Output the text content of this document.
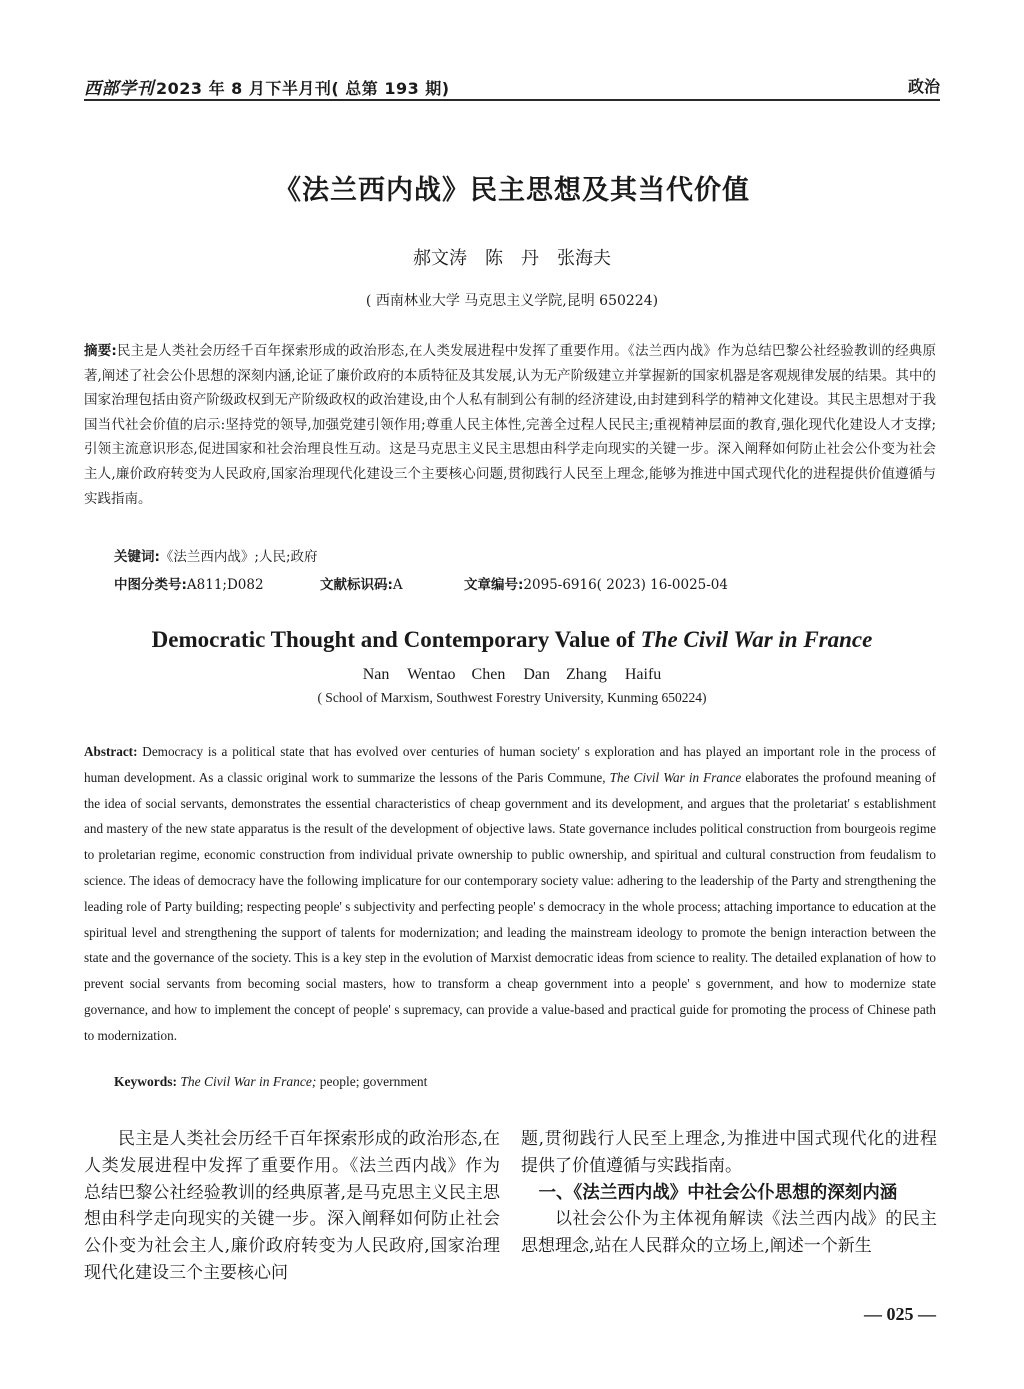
西部学刊 2023 年 8 月下半月刊( 总第 193 期)	政治
《法兰西内战》民主思想及其当代价值
郝文涛　陈　丹　张海夫
( 西南林业大学 马克思主义学院,昆明 650224)
摘要:民主是人类社会历经千百年探索形成的政治形态,在人类发展进程中发挥了重要作用。《法兰西内战》作为总结巴黎公社经验教训的经典原著,阐述了社会公仆思想的深刻内涵,论证了廉价政府的本质特征及其发展,认为无产阶级建立并掌握新的国家机器是客观规律发展的结果。其中的国家治理包括由资产阶级政权到无产阶级政权的政治建设,由个人私有制到公有制的经济建设,由封建到科学的精神文化建设。其民主思想对于我国当代社会价值的启示:坚持党的领导,加强党建引领作用;尊重人民主体性,完善全过程人民民主;重视精神层面的教育,强化现代化建设人才支撑;引领主流意识形态,促进国家和社会治理良性互动。这是马克思主义民主思想由科学走向现实的关键一步。深入阐释如何防止社会公仆变为社会主人,廉价政府转变为人民政府,国家治理现代化建设三个主要核心问题,贯彻践行人民至上理念,能够为推进中国式现代化的进程提供价值遵循与实践指南。
关键词:《法兰西内战》;人民;政府
中图分类号:A811;D082	文献标识码:A	文章编号:2095-6916( 2023) 16-0025-04
Democratic Thought and Contemporary Value of The Civil War in France
Nan Wentao　Chen Dan　Zhang Haifu
( School of Marxism, Southwest Forestry University, Kunming 650224)
Abstract: Democracy is a political state that has evolved over centuries of human society' s exploration and has played an important role in the process of human development. As a classic original work to summarize the lessons of the Paris Commune, The Civil War in France elaborates the profound meaning of the idea of social servants, demonstrates the essential characteristics of cheap government and its development, and argues that the proletariat' s establishment and mastery of the new state apparatus is the result of the development of objective laws. State governance includes political construction from bourgeois regime to proletarian regime, economic construction from individual private ownership to public ownership, and spiritual and cultural construction from feudalism to science. The ideas of democracy have the following implicature for our contemporary society value: adhering to the leadership of the Party and strengthening the leading role of Party building; respecting people' s subjectivity and perfecting people' s democracy in the whole process; attaching importance to education at the spiritual level and strengthening the support of talents for modernization; and leading the mainstream ideology to promote the benign interaction between the state and the governance of the society. This is a key step in the evolution of Marxist democratic ideas from science to reality. The detailed explanation of how to prevent social servants from becoming social masters, how to transform a cheap government into a people' s government, and how to modernize state governance, and how to implement the concept of people' s supremacy, can provide a value-based and practical guide for promoting the process of Chinese path to modernization.
Keywords: The Civil War in France; people; government

民主是人类社会历经千百年探索形成的政治形态,在人类发展进程中发挥了重要作用。《法兰西内战》作为总结巴黎公社经验教训的经典原著,是马克思主义民主思想由科学走向现实的关键一步。深入阐释如何防止社会公仆变为社会主人,廉价政府转变为人民政府,国家治理现代化建设三个主要核心问

题,贯彻践行人民至上理念,为推进中国式现代化的进程提供了价值遵循与实践指南。

一、《法兰西内战》中社会公仆思想的深刻内涵

以社会公仆为主体视角解读《法兰西内战》的民主思想理念,站在人民群众的立场上,阐述一个新生

— 025 —
